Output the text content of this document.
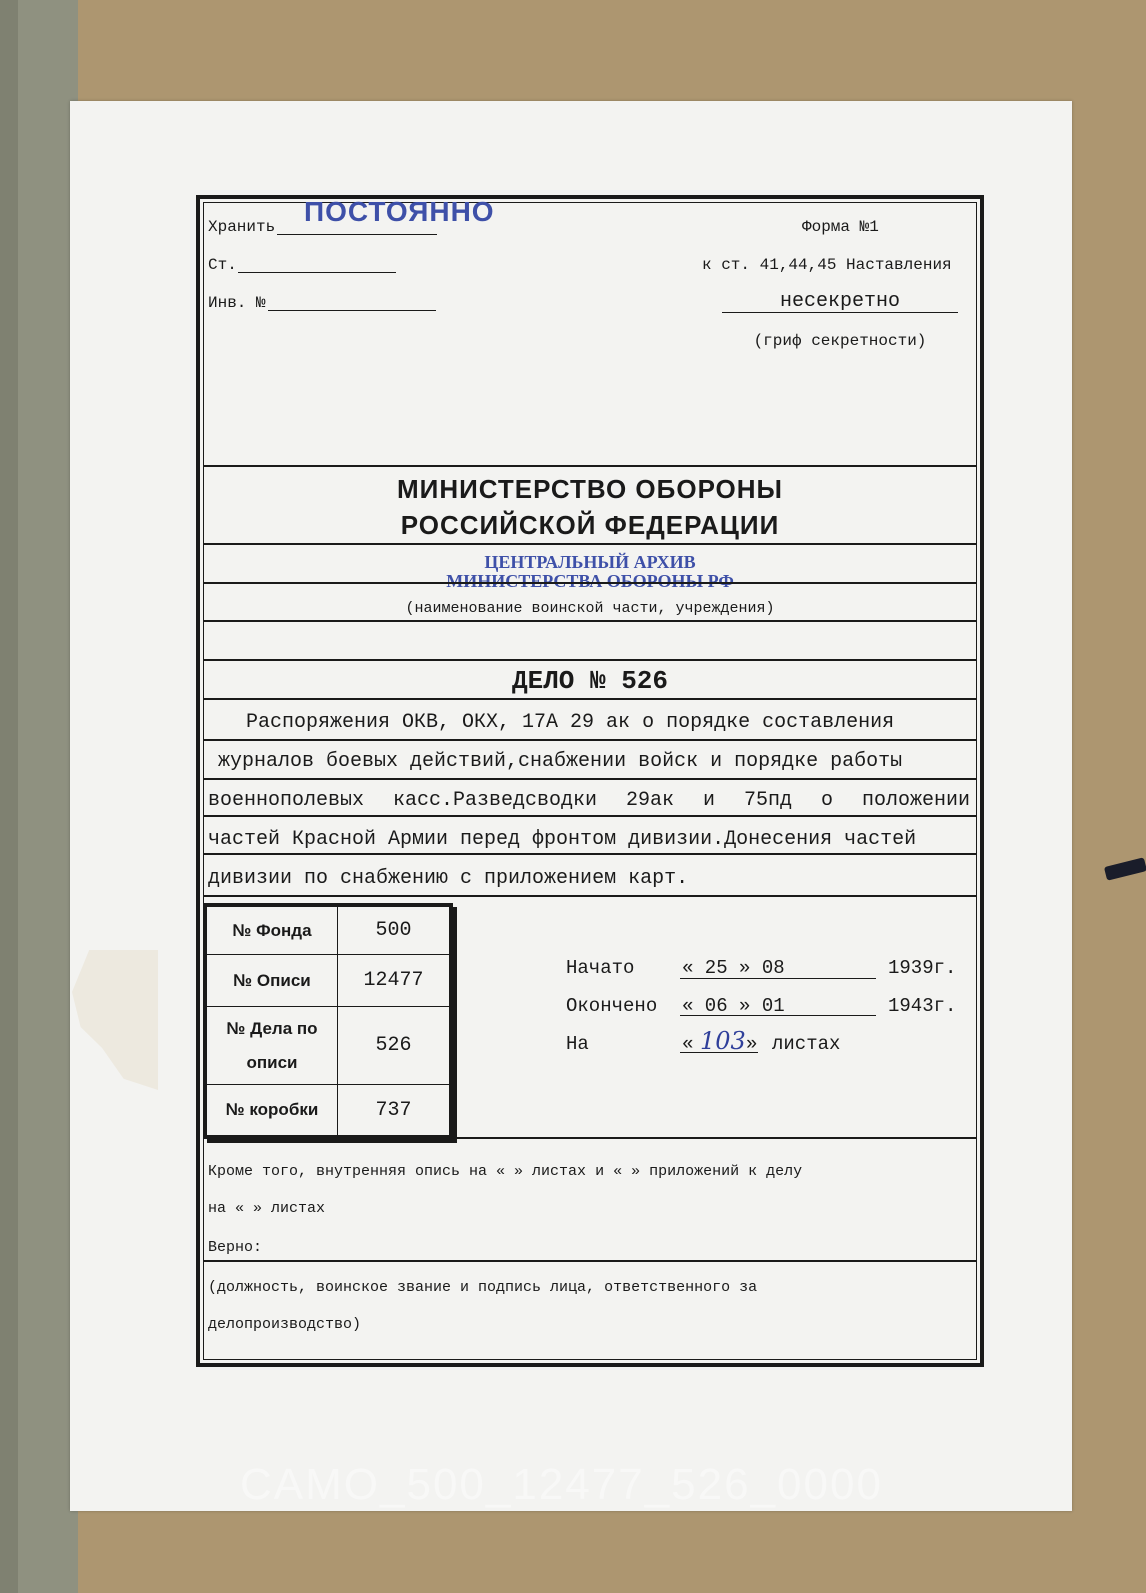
Хранить ПОСТОЯННО
Ст.
Инв. №
Форма №1
к ст. 41,44,45 Наставления
несекретно
(гриф секретности)
МИНИСТЕРСТВО ОБОРОНЫ
РОССИЙСКОЙ ФЕДЕРАЦИИ
ЦЕНТРАЛЬНЫЙ АРХИВ
МИНИСТЕРСТВА ОБОРОНЫ РФ
(наименование воинской части, учреждения)
ДЕЛО № 526
Распоряжения ОКВ, ОКХ, 17А 29 ак о порядке составления
журналов боевых действий,снабжении войск и порядке работы
военнополевых касс.Разведсводки 29ак и 75пд о положении
частей Красной Армии перед фронтом дивизии.Донесения частей
дивизии по снабжению с приложением карт.
№ Фонда	500
№ Описи	12477

№ Дела по
описи	526
№ коробки	737
Начато	« 25 » 08	1939г.
Окончено « 06 » 01	1943г.
На	« 103 » листах
Кроме того, внутренняя опись на « » листах и « » приложений к делу
на « » листах
Верно:
(должность, воинское звание и подпись лица, ответственного за
делопроизводство)
CAMO_500_12477_526_0000
